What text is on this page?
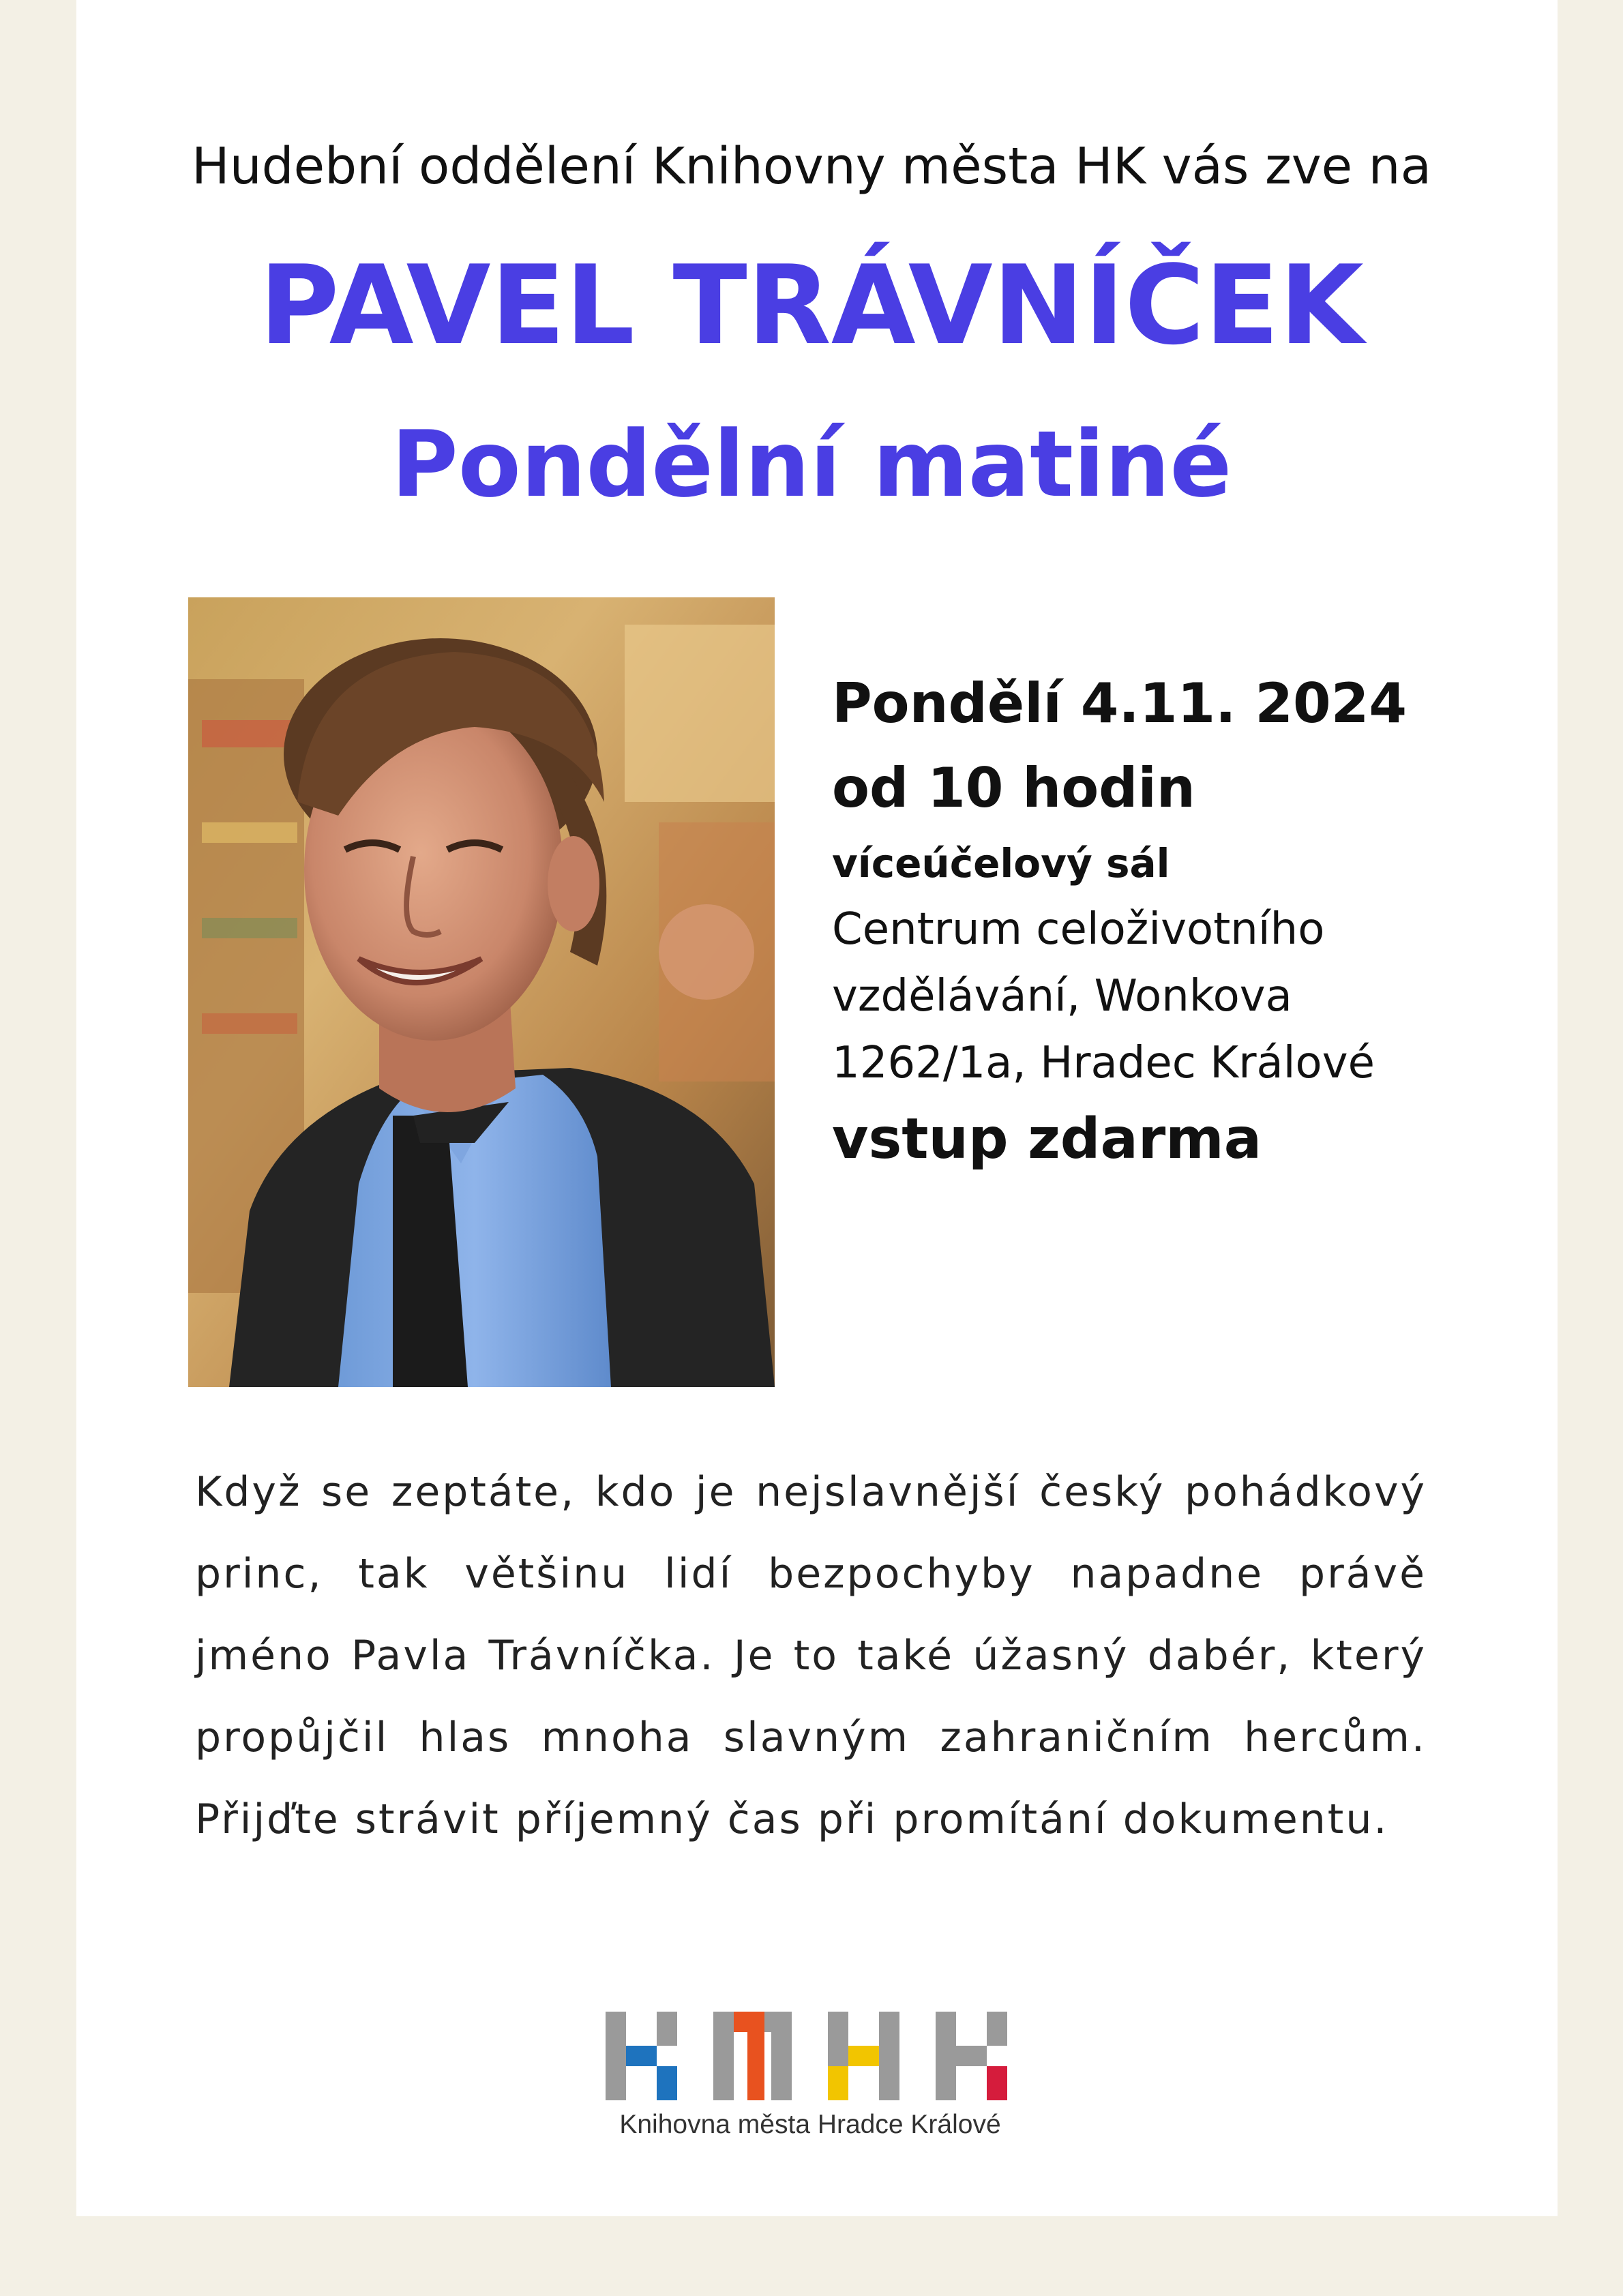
Hudební oddělení Knihovny města HK vás zve na
PAVEL TRÁVNÍČEK
Pondělní matiné
Pondělí 4.11. 2024
od 10 hodin
víceúčelový sál
Centrum celoživotního
vzdělávání, Wonkova
1262/1a, Hradec Králové
vstup zdarma
Když se zeptáte, kdo je nejslavnější český pohádkový princ, tak většinu lidí bezpochyby napadne právě jméno Pavla Trávníčka. Je to také úžasný dabér, který propůjčil hlas mnoha slavným zahraničním hercům. Přijďte strávit příjemný čas při promítání dokumentu.
Knihovna města Hradce Králové
